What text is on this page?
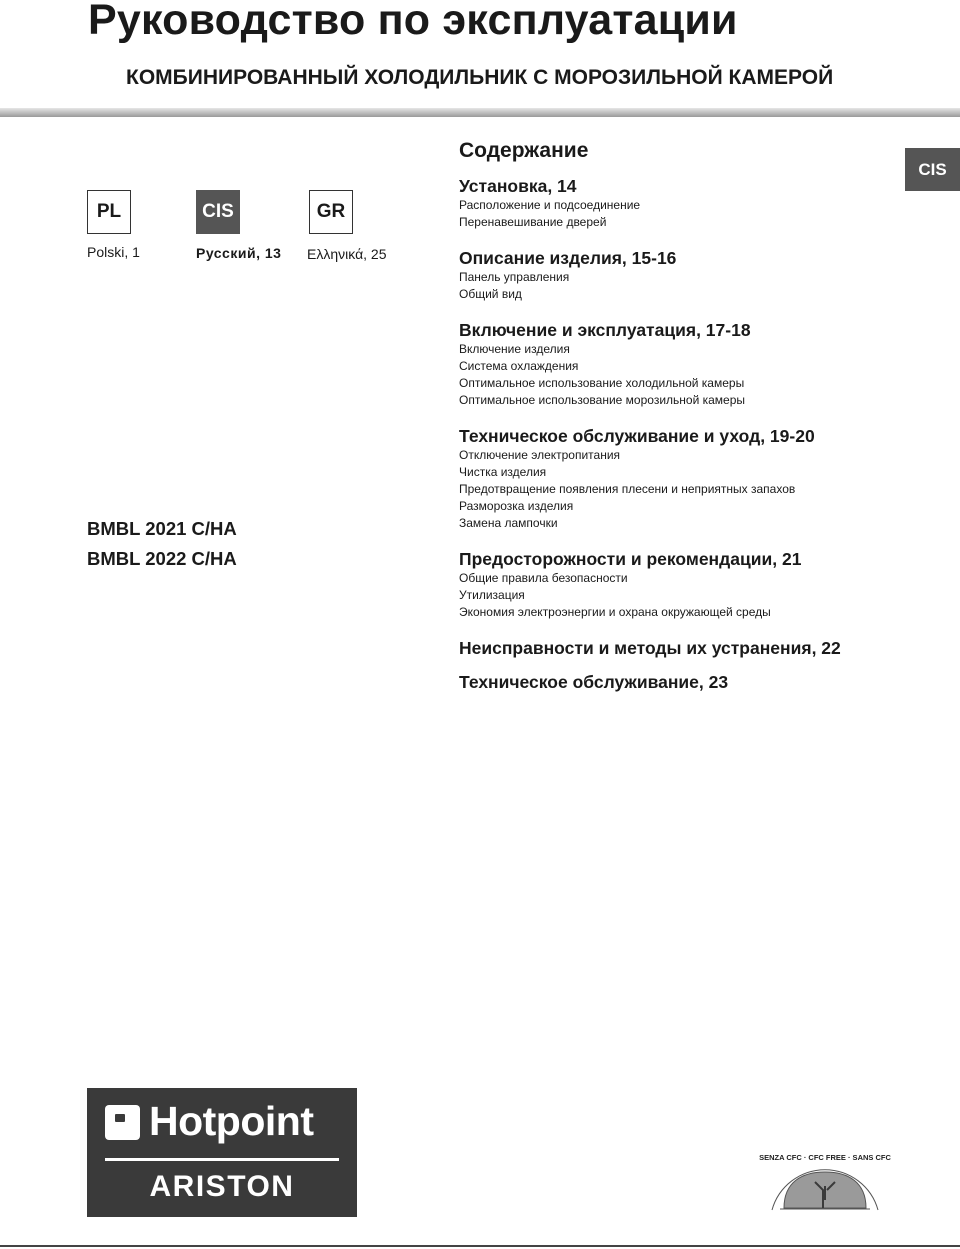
Руководство по эксплуатации
КОМБИНИРОВАННЫЙ ХОЛОДИЛЬНИК С МОРОЗИЛЬНОЙ КАМЕРОЙ
CIS
PL	CIS	GR
Polski, 1	Русский, 13 Ελληνικά, 25
BMBL 2021 C/HA
BMBL 2022 C/HA
Содержание
Установка, 14
Расположение и подсоединение
Перенавешивание дверей
Описание изделия, 15-16
Панель управления
Общий вид
Включение и эксплуатация, 17-18
Включение изделия
Система охлаждения
Оптимальное использование холодильной камеры
Оптимальное использование морозильной камеры
Техническое обслуживание и уход, 19-20
Отключение электропитания
Чистка изделия
Предотвращение появления плесени и неприятных запахов
Разморозка изделия
Замена лампочки
Предосторожности и рекомендации, 21
Общие правила безопасности
Утилизация
Экономия электроэнергии и охрана окружающей среды
Неисправности и методы их устранения, 22
Техническое обслуживание, 23
Hotpoint
ARISTON
SENZA CFC · CFC FREE · SANS CFC
